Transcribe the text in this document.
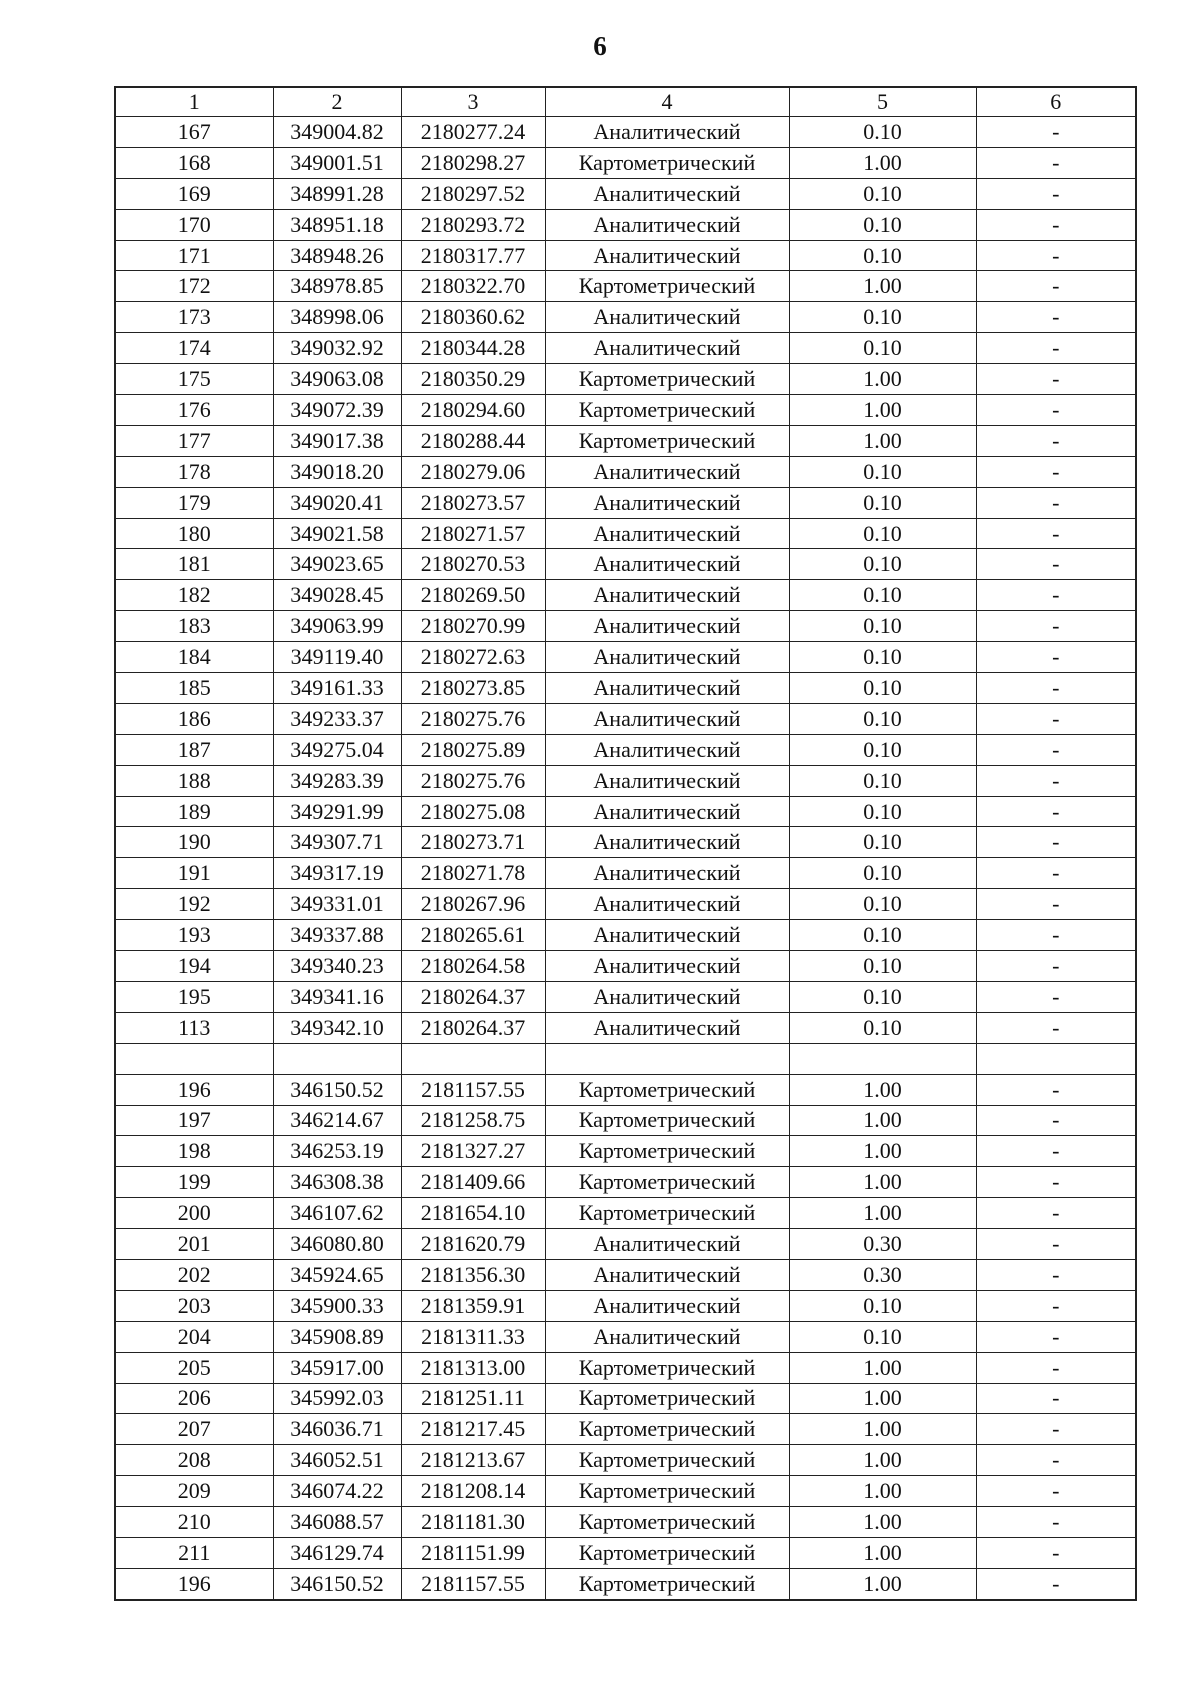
6
1	2	3	4	5	6
167	349004.82	2180277.24	Аналитический	0.10	-
168	349001.51	2180298.27	Картометрический	1.00	-
169	348991.28	2180297.52	Аналитический	0.10	-
170	348951.18	2180293.72	Аналитический	0.10	-
171	348948.26	2180317.77	Аналитический	0.10	-
172	348978.85	2180322.70	Картометрический	1.00	-
173	348998.06	2180360.62	Аналитический	0.10	-
174	349032.92	2180344.28	Аналитический	0.10	-
175	349063.08	2180350.29	Картометрический	1.00	-
176	349072.39	2180294.60	Картометрический	1.00	-
177	349017.38	2180288.44	Картометрический	1.00	-
178	349018.20	2180279.06	Аналитический	0.10	-
179	349020.41	2180273.57	Аналитический	0.10	-
180	349021.58	2180271.57	Аналитический	0.10	-
181	349023.65	2180270.53	Аналитический	0.10	-
182	349028.45	2180269.50	Аналитический	0.10	-
183	349063.99	2180270.99	Аналитический	0.10	-
184	349119.40	2180272.63	Аналитический	0.10	-
185	349161.33	2180273.85	Аналитический	0.10	-
186	349233.37	2180275.76	Аналитический	0.10	-
187	349275.04	2180275.89	Аналитический	0.10	-
188	349283.39	2180275.76	Аналитический	0.10	-
189	349291.99	2180275.08	Аналитический	0.10	-
190	349307.71	2180273.71	Аналитический	0.10	-
191	349317.19	2180271.78	Аналитический	0.10	-
192	349331.01	2180267.96	Аналитический	0.10	-
193	349337.88	2180265.61	Аналитический	0.10	-
194	349340.23	2180264.58	Аналитический	0.10	-
195	349341.16	2180264.37	Аналитический	0.10	-
113	349342.10	2180264.37	Аналитический	0.10	-

196	346150.52	2181157.55	Картометрический	1.00	-
197	346214.67	2181258.75	Картометрический	1.00	-
198	346253.19	2181327.27	Картометрический	1.00	-
199	346308.38	2181409.66	Картометрический	1.00	-
200	346107.62	2181654.10	Картометрический	1.00	-
201	346080.80	2181620.79	Аналитический	0.30	-
202	345924.65	2181356.30	Аналитический	0.30	-
203	345900.33	2181359.91	Аналитический	0.10	-
204	345908.89	2181311.33	Аналитический	0.10	-
205	345917.00	2181313.00	Картометрический	1.00	-
206	345992.03	2181251.11	Картометрический	1.00	-
207	346036.71	2181217.45	Картометрический	1.00	-
208	346052.51	2181213.67	Картометрический	1.00	-
209	346074.22	2181208.14	Картометрический	1.00	-
210	346088.57	2181181.30	Картометрический	1.00	-
211	346129.74	2181151.99	Картометрический	1.00	-
196	346150.52	2181157.55	Картометрический	1.00	-
